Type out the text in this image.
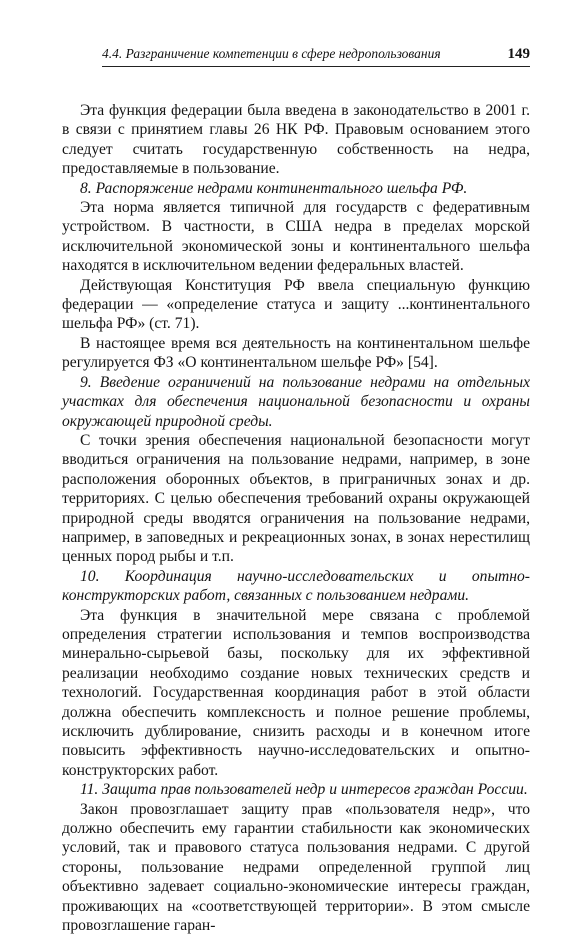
4.4. Разграничение компетенции в сфере недропользования	149

Эта функция федерации была введена в законодательство в 2001 г. в связи с принятием главы 26 НК РФ. Правовым основанием этого следует считать государственную собственность на недра, предоставляемые в пользование.

8. Распоряжение недрами континентального шельфа РФ.

Эта норма является типичной для государств с федеративным устройством. В частности, в США недра в пределах морской исключительной экономической зоны и континентального шельфа находятся в исключительном ведении федеральных властей.

Действующая Конституция РФ ввела специальную функцию федерации — «определение статуса и защиту ...континентального шельфа РФ» (ст. 71).

В настоящее время вся деятельность на континентальном шельфе регулируется ФЗ «О континентальном шельфе РФ» [54].

9. Введение ограничений на пользование недрами на отдельных участках для обеспечения национальной безопасности и охраны окружающей природной среды.

С точки зрения обеспечения национальной безопасности могут вводиться ограничения на пользование недрами, например, в зоне расположения оборонных объектов, в приграничных зонах и др. территориях. С целью обеспечения требований охраны окружающей природной среды вводятся ограничения на пользование недрами, например, в заповедных и рекреационных зонах, в зонах нерестилищ ценных пород рыбы и т.п.

10. Координация научно-исследовательских и опытно-конструкторских работ, связанных с пользованием недрами.

Эта функция в значительной мере связана с проблемой определения стратегии использования и темпов воспроизводства минерально-сырьевой базы, поскольку для их эффективной реализации необходимо создание новых технических средств и технологий. Государственная координация работ в этой области должна обеспечить комплексность и полное решение проблемы, исключить дублирование, снизить расходы и в конечном итоге повысить эффективность научно-исследовательских и опытно-конструкторских работ.

11. Защита прав пользователей недр и интересов граждан России.

Закон провозглашает защиту прав «пользователя недр», что должно обеспечить ему гарантии стабильности как экономических условий, так и правового статуса пользования недрами. С другой стороны, пользование недрами определенной группой лиц объективно задевает социально-экономические интересы граждан, проживающих на «соответствующей территории». В этом смысле провозглашение гаран-
